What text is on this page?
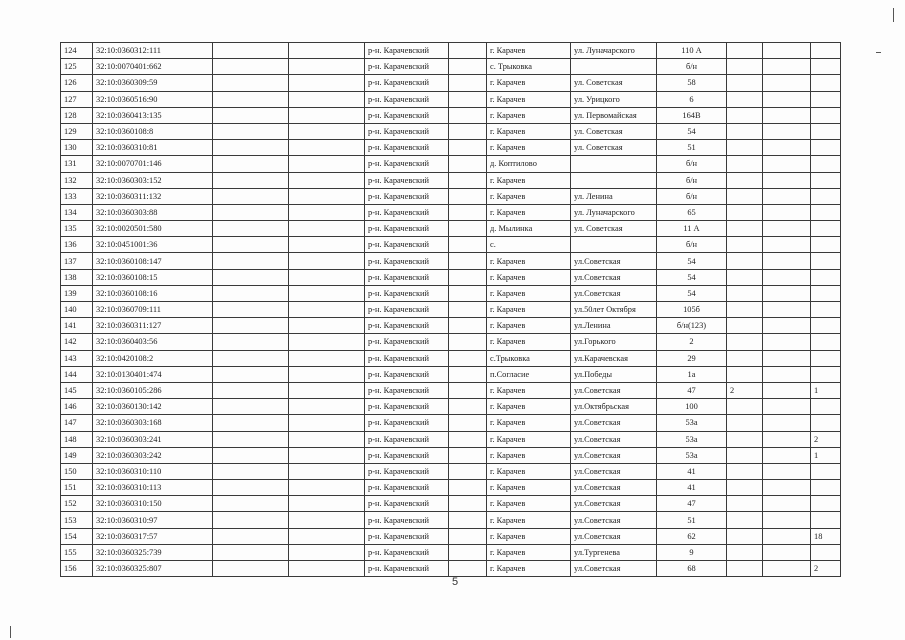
124	32:10:0360312:111			р-н. Карачевский		г. Карачев	ул. Луначарского	110 А			
125	32:10:0070401:662			р-н. Карачевский		с. Трыковка		б/н			
126	32:10:0360309:59			р-н. Карачевский		г. Карачев	ул. Советская	58			
127	32:10:0360516:90			р-н. Карачевский		г. Карачев	ул. Урицкого	6			
128	32:10:0360413:135			р-н. Карачевский		г. Карачев	ул. Первомайская	164В			
129	32:10:0360108:8			р-н. Карачевский		г. Карачев	ул. Советская	54			
130	32:10:0360310:81			р-н. Карачевский		г. Карачев	ул. Советская	51			
131	32:10:0070701:146			р-н. Карачевский		д. Коптилово		б/н			
132	32:10:0360303:152			р-н. Карачевский		г. Карачев		б/н			
133	32:10:0360311:132			р-н. Карачевский		г. Карачев	ул. Ленина	б/н			
134	32:10:0360303:88			р-н. Карачевский		г. Карачев	ул. Луначарского	65			
135	32:10:0020501:580			р-н. Карачевский		д. Мылинка	ул. Советская	11 А			
136	32:10:0451001:36			р-н. Карачевский		с.		б/н			
137	32:10:0360108:147			р-н. Карачевский		г. Карачев	ул.Советская	54			
138	32:10:0360108:15			р-н. Карачевский		г. Карачев	ул.Советская	54			
139	32:10:0360108:16			р-н. Карачевский		г. Карачев	ул.Советская	54			
140	32:10:0360709:111			р-н. Карачевский		г. Карачев	ул.50лет Октября	105б			
141	32:10:0360311:127			р-н. Карачевский		г. Карачев	ул.Ленина	б/н(123)			
142	32:10:0360403:56			р-н. Карачевский		г. Карачев	ул.Горького	2			
143	32:10:0420108:2			р-н. Карачевский		с.Трыковка	ул.Карачевская	29			
144	32:10:0130401:474			р-н. Карачевский		п.Согласие	ул.Победы	1а			
145	32:10:0360105:286			р-н. Карачевский		г. Карачев	ул.Советская	47	2		1
146	32:10:0360130:142			р-н. Карачевский		г. Карачев	ул.Октябрьская	100			
147	32:10:0360303:168			р-н. Карачевский		г. Карачев	ул.Советская	53а			
148	32:10:0360303:241			р-н. Карачевский		г. Карачев	ул.Советская	53а			2
149	32:10:0360303:242			р-н. Карачевский		г. Карачев	ул.Советская	53а			1
150	32:10:0360310:110			р-н. Карачевский		г. Карачев	ул.Советская	41			
151	32:10:0360310:113			р-н. Карачевский		г. Карачев	ул.Советская	41			
152	32:10:0360310:150			р-н. Карачевский		г. Карачев	ул.Советская	47			
153	32:10:0360310:97			р-н. Карачевский		г. Карачев	ул.Советская	51			
154	32:10:0360317:57			р-н. Карачевский		г. Карачев	ул.Советская	62			18
155	32:10:0360325:739			р-н. Карачевский		г. Карачев	ул.Тургенева	9			
156	32:10:0360325:807			р-н. Карачевский		г. Карачев	ул.Советская	68			2
5
